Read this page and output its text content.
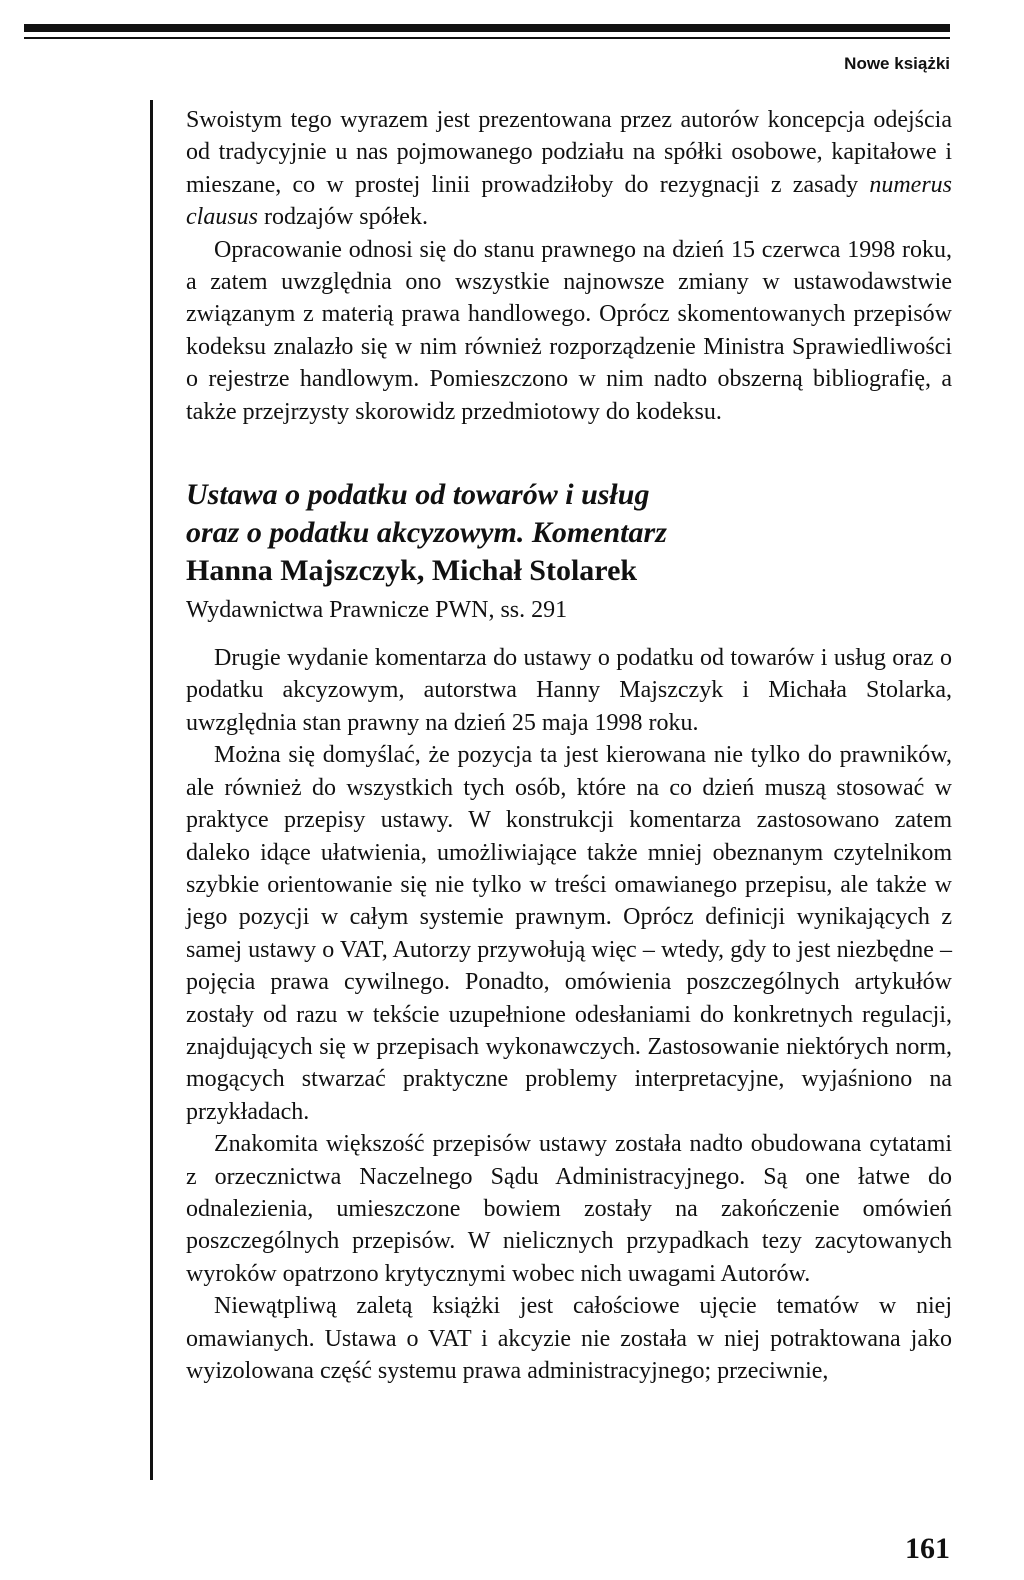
Nowe książki

Swoistym tego wyrazem jest prezentowana przez autorów koncepcja odejścia od tradycyjnie u nas pojmowanego podziału na spółki osobowe, kapitałowe i mieszane, co w prostej linii prowadziłoby do rezygnacji z zasady numerus clausus rodzajów spółek.

Opracowanie odnosi się do stanu prawnego na dzień 15 czerwca 1998 roku, a zatem uwzględnia ono wszystkie najnowsze zmiany w ustawodawstwie związanym z materią prawa handlowego. Oprócz skomentowanych przepisów kodeksu znalazło się w nim również rozporządzenie Ministra Sprawiedliwości o rejestrze handlowym. Pomieszczono w nim nadto obszerną bibliografię, a także przejrzysty skorowidz przedmiotowy do kodeksu.

Ustawa o podatku od towarów i usług

oraz o podatku akcyzowym. Komentarz

Hanna Majszczyk, Michał Stolarek

Wydawnictwa Prawnicze PWN, ss. 291

Drugie wydanie komentarza do ustawy o podatku od towarów i usług oraz o podatku akcyzowym, autorstwa Hanny Majszczyk i Michała Stolarka, uwzględnia stan prawny na dzień 25 maja 1998 roku.

Można się domyślać, że pozycja ta jest kierowana nie tylko do prawników, ale również do wszystkich tych osób, które na co dzień muszą stosować w praktyce przepisy ustawy. W konstrukcji komentarza zastosowano zatem daleko idące ułatwienia, umożliwiające także mniej obeznanym czytelnikom szybkie orientowanie się nie tylko w treści omawianego przepisu, ale także w jego pozycji w całym systemie prawnym. Oprócz definicji wynikających z samej ustawy o VAT, Autorzy przywołują więc – wtedy, gdy to jest niezbędne – pojęcia prawa cywilnego. Ponadto, omówienia poszczególnych artykułów zostały od razu w tekście uzupełnione odesłaniami do konkretnych regulacji, znajdujących się w przepisach wykonawczych. Zastosowanie niektórych norm, mogących stwarzać praktyczne problemy interpretacyjne, wyjaśniono na przykładach.

Znakomita większość przepisów ustawy została nadto obudowana cytatami z orzecznictwa Naczelnego Sądu Administracyjnego. Są one łatwe do odnalezienia, umieszczone bowiem zostały na zakończenie omówień poszczególnych przepisów. W nielicznych przypadkach tezy zacytowanych wyroków opatrzono krytycznymi wobec nich uwagami Autorów.

Niewątpliwą zaletą książki jest całościowe ujęcie tematów w niej omawianych. Ustawa o VAT i akcyzie nie została w niej potraktowana jako wyizolowana część systemu prawa administracyjnego; przeciwnie,

161
